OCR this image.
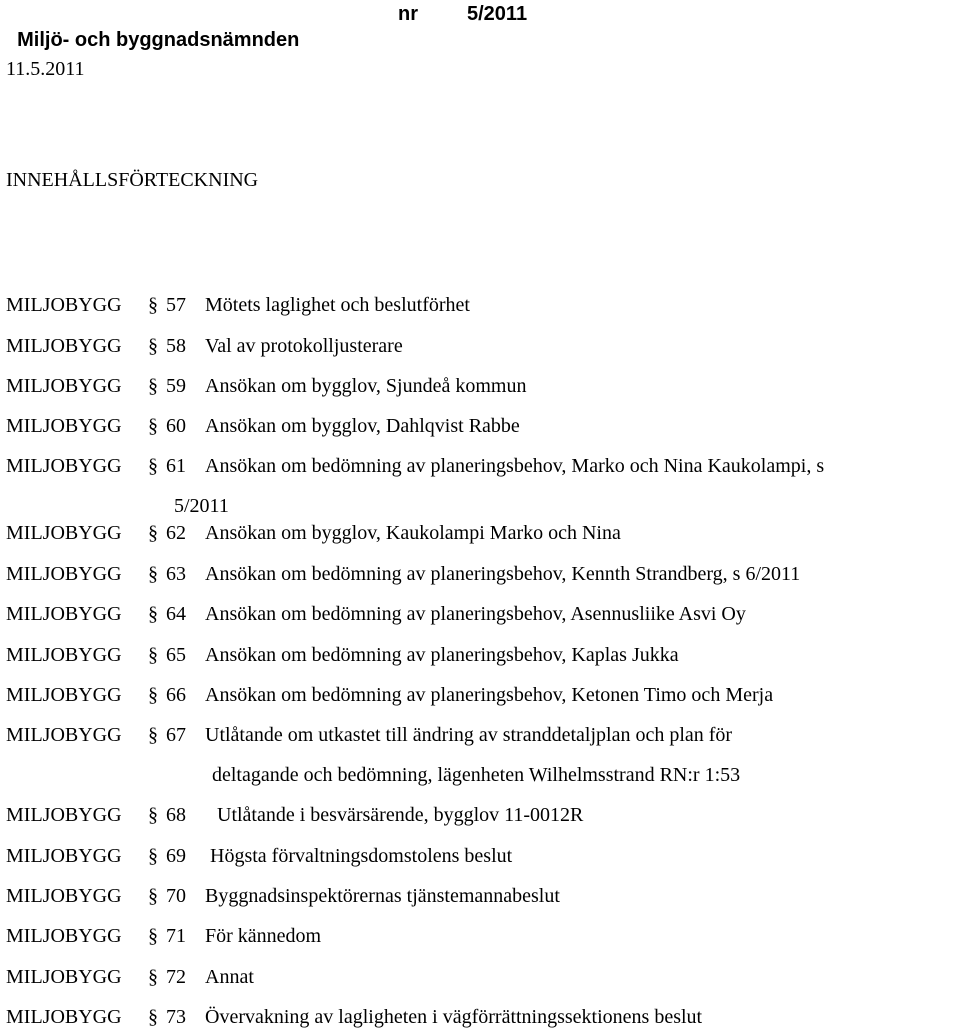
Miljö- och byggnadsnämnden

nr

5/2011

11.5.2011
INNEHÅLLSFÖRTECKNING
MILJOBYGG § 57 Mötets laglighet och beslutförhet
MILJOBYGG § 58 Val av protokolljusterare
MILJOBYGG § 59 Ansökan om bygglov, Sjundeå kommun
MILJOBYGG § 60 Ansökan om bygglov, Dahlqvist Rabbe
MILJOBYGG § 61 Ansökan om bedömning av planeringsbehov, Marko och Nina Kaukolampi, s
5/2011
MILJOBYGG § 62 Ansökan om bygglov, Kaukolampi Marko och Nina
MILJOBYGG § 63 Ansökan om bedömning av planeringsbehov, Kennth Strandberg, s 6/2011
MILJOBYGG § 64 Ansökan om bedömning av planeringsbehov, Asennusliike Asvi Oy
MILJOBYGG § 65 Ansökan om bedömning av planeringsbehov, Kaplas Jukka
MILJOBYGG § 66 Ansökan om bedömning av planeringsbehov, Ketonen Timo och Merja
MILJOBYGG § 67 Utlåtande om utkastet till ändring av stranddetaljplan och plan för
deltagande och bedömning, lägenheten Wilhelmsstrand RN:r 1:53
MILJOBYGG § 68 Utlåtande i besvärsärende, bygglov 11-0012R
MILJOBYGG § 69 Högsta förvaltningsdomstolens beslut
MILJOBYGG § 70 Byggnadsinspektörernas tjänstemannabeslut
MILJOBYGG § 71 För kännedom
MILJOBYGG § 72 Annat
MILJOBYGG § 73 Övervakning av lagligheten i vägförrättningssektionens beslut
